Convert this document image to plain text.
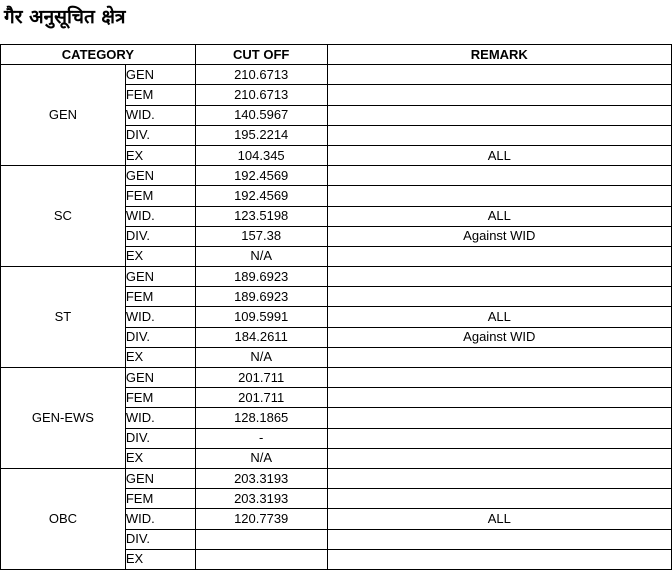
गैर अनुसूचित क्षेत्र
CATEGORY		CUT OFF	REMARK
GEN	GEN	210.6713	
	FEM	210.6713	
	WID.	140.5967	
	DIV.	195.2214	
	EX	104.345	ALL
SC	GEN	192.4569	
	FEM	192.4569	
	WID.	123.5198	ALL
	DIV.	157.38	Against WID
	EX	N/A	
ST	GEN	189.6923	
	FEM	189.6923	
	WID.	109.5991	ALL
	DIV.	184.2611	Against WID
	EX	N/A	
GEN-EWS	GEN	201.711	
	FEM	201.711	
	WID.	128.1865	
	DIV.	-	
	EX	N/A	
OBC	GEN	203.3193	
	FEM	203.3193	
	WID.	120.7739	ALL
	DIV.		
	EX		
